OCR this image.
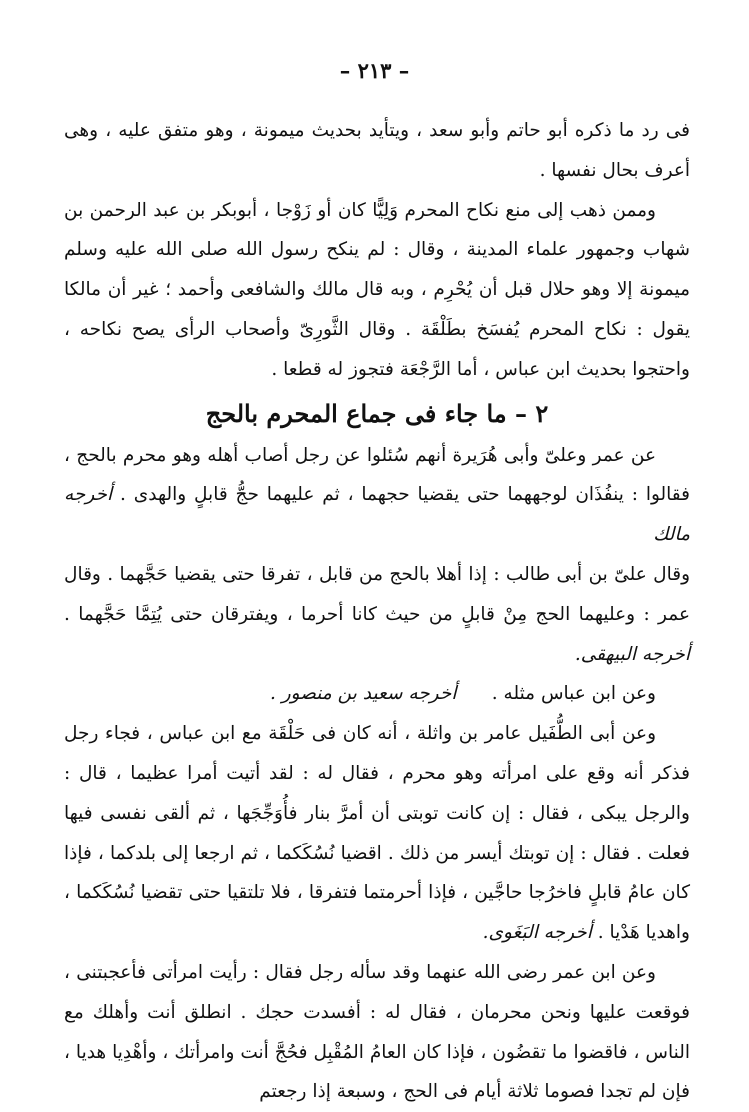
– ٢١٣ –

فى رد ما ذكره أبو حاتم وأبو سعد ، ويتأيد بحديث ميمونة ، وهو متفق عليه ، وهى أعرف بحال نفسها .

وممن ذهب إلى منع نكاح المحرم وَلِيًّا كان أو زَوْجا ، أبوبكر بن عبد الرحمن بن شهاب وجمهور علماء المدينة ، وقال : لم ينكح رسول الله صلى الله عليه وسلم ميمونة إلا وهو حلال قبل أن يُحْرِم ، وبه قال مالك والشافعى وأحمد ؛ غير أن مالكا يقول : نكاح المحرم يُفسَخ بطَلْقَة . وقال الثَّورِىّ وأصحاب الرأى يصح نكاحه ، واحتجوا بحديث ابن عباس ، أما الرَّجْعَة فتجوز له قطعا .

٢ – ما جاء فى جماع المحرم بالحج

عن عمر وعلىّ وأبى هُرَيرة أنهم سُئلوا عن رجل أصاب أهله وهو محرم بالحج ، فقالوا : ينفُذَان لوجههما حتى يقضيا حجهما ، ثم عليهما حجُّ قابلٍ والهدى . أخرجه مالك

وقال علىّ بن أبى طالب : إذا أهلا بالحج من قابل ، تفرقا حتى يقضيا حَجَّهما . وقال عمر : وعليهما الحج مِنْ قابلٍ من حيث كانا أحرما ، ويفترقان حتى يُتِمَّا حَجَّهما . أخرجه البيهقى.

وعن ابن عباس مثله .      أخرجه سعيد بن منصور .

وعن أبى الطُّفَيل عامر بن واثلة ، أنه كان فى حَلْقَة مع ابن عباس ، فجاء رجل فذكر أنه وقع على امرأته وهو محرم ، فقال له : لقد أتيت أمرا عظيما ، قال : والرجل يبكى ، فقال : إن كانت توبتى أن أمرَّ بنار فأُوَجِّجَها ، ثم ألقى نفسى فيها فعلت . فقال : إن توبتك أيسر من ذلك . اقضيا نُسُكَكما ، ثم ارجعا إلى بلدكما ، فإذا كان عامُ قابلٍ فاخرُجا حاجَّين ، فإذا أحرمتما فتفرقا ، فلا تلتقيا حتى تقضيا نُسُكَكما ، واهديا هَدْيا . أخرجه البَغَوى.

وعن ابن عمر رضى الله عنهما وقد سأله رجل فقال : رأيت امرأتى فأعجبتنى ، فوقعت عليها ونحن محرمان ، فقال له : أفسدت حجك . انطلق أنت وأهلك مع الناس ، فاقضوا ما تقضُون ، فإذا كان العامُ المُقْبِل فحُجَّ أنت وامرأتك ، وأهْدِيا هديا ، فإن لم تجدا فصوما ثلاثة أيام فى الحج ، وسبعة إذا رجعتم
